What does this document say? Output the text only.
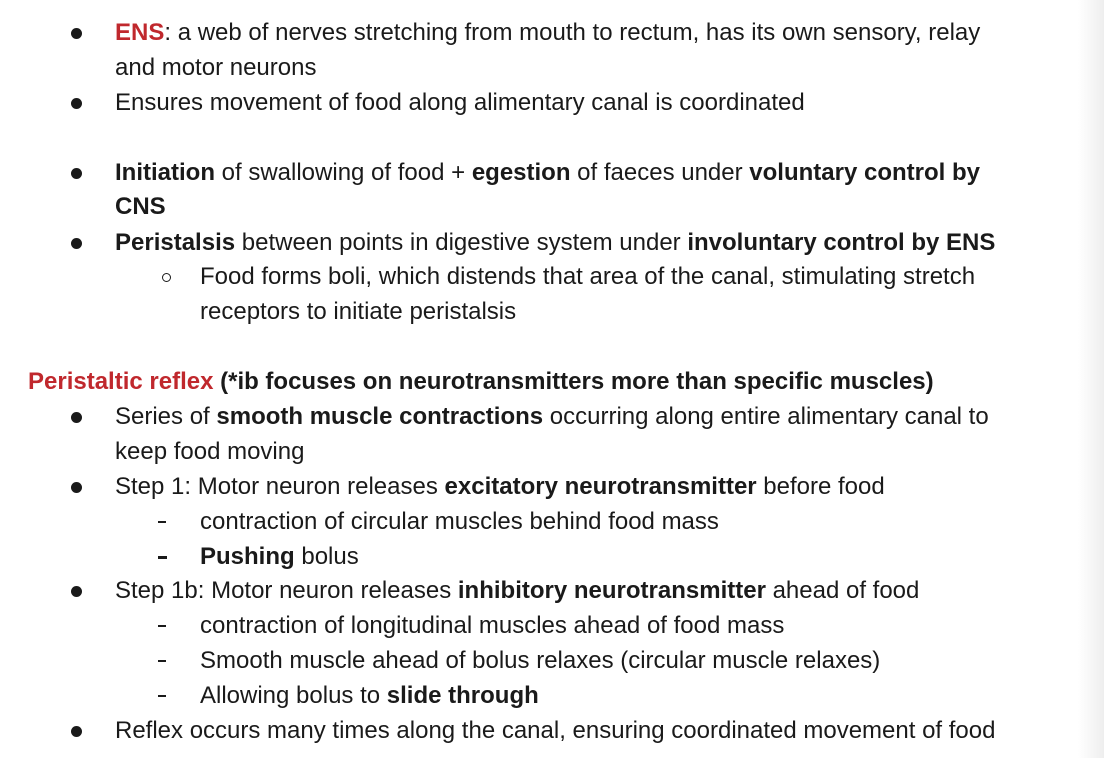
ENS: a web of nerves stretching from mouth to rectum, has its own sensory, relay
and motor neurons
Ensures movement of food along alimentary canal is coordinated
Initiation of swallowing of food + egestion of faeces under voluntary control by
CNS
Peristalsis between points in digestive system under involuntary control by ENS
Food forms boli, which distends that area of the canal, stimulating stretch
receptors to initiate peristalsis
Peristaltic reflex (*ib focuses on neurotransmitters more than specific muscles)
Series of smooth muscle contractions occurring along entire alimentary canal to
keep food moving
Step 1: Motor neuron releases excitatory neurotransmitter before food
contraction of circular muscles behind food mass
Pushing bolus
Step 1b: Motor neuron releases inhibitory neurotransmitter ahead of food
contraction of longitudinal muscles ahead of food mass
Smooth muscle ahead of bolus relaxes (circular muscle relaxes)
Allowing bolus to slide through
Reflex occurs many times along the canal, ensuring coordinated movement of food
